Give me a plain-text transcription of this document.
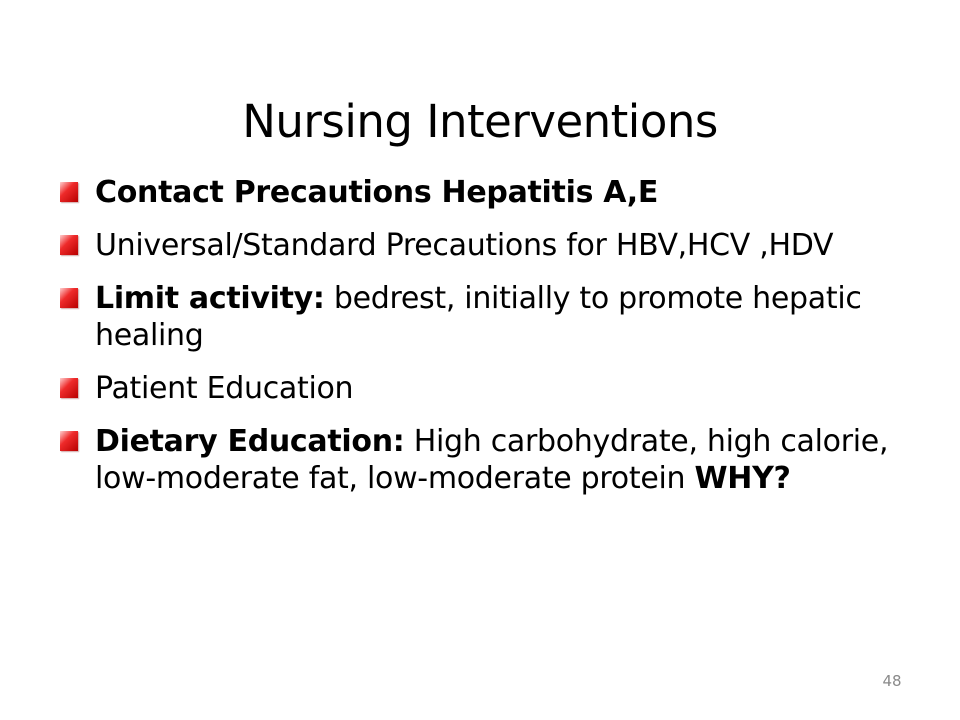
Nursing Interventions
Contact Precautions Hepatitis A,E
Universal/Standard Precautions for HBV,HCV ,HDV
Limit activity: bedrest, initially to promote hepatic healing
Patient Education
Dietary Education: High carbohydrate, high calorie, low-moderate fat, low-moderate protein WHY?
48
